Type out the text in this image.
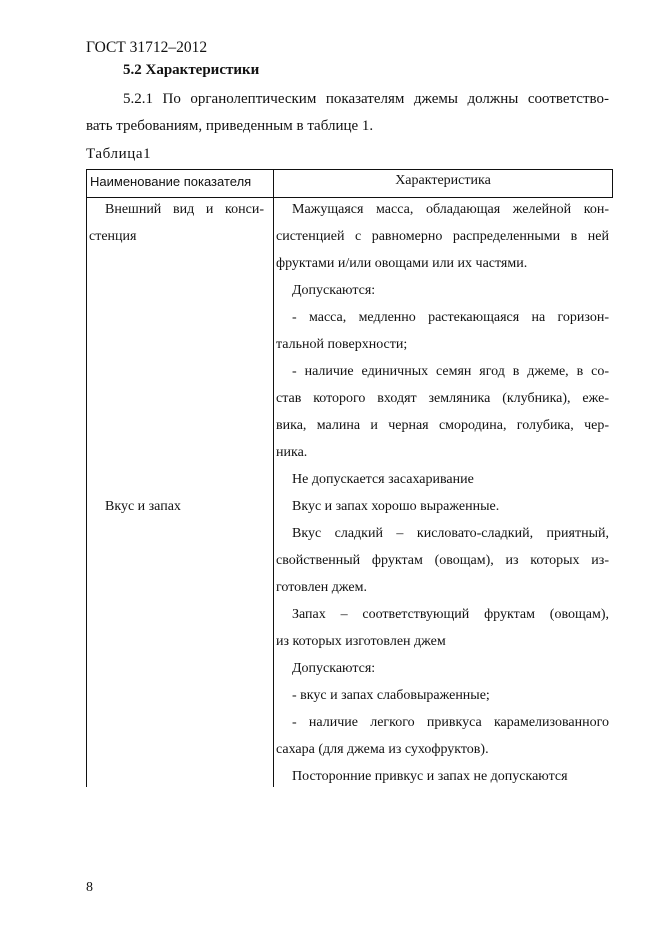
ГОСТ 31712–2012
5.2 Характеристики
5.2.1 По органолептическим показателям джемы должны соответство-
вать требованиям, приведенным в таблице 1.
Таблица1
Наименование показателя	Характеристика
Внешний вид и конси-
стенция
Вкус и запах
Мажущаяся масса, обладающая желейной кон-
систенцией с равномерно распределенными в ней
фруктами и/или овощами или их частями.
Допускаются:
- масса, медленно растекающаяся на горизон-
тальной поверхности;
- наличие единичных семян ягод в джеме, в со-
став которого входят земляника (клубника), еже-
вика, малина и черная смородина, голубика, чер-
ника.
Не допускается засахаривание
Вкус и запах хорошо выраженные.
Вкус сладкий – кисловато-сладкий, приятный,
свойственный фруктам (овощам), из которых из-
готовлен джем.
Запах – соответствующий фруктам (овощам),
из которых изготовлен джем
Допускаются:
- вкус и запах слабовыраженные;
- наличие легкого привкуса карамелизованного
сахара (для джема из сухофруктов).
Посторонние привкус и запах не допускаются
8
